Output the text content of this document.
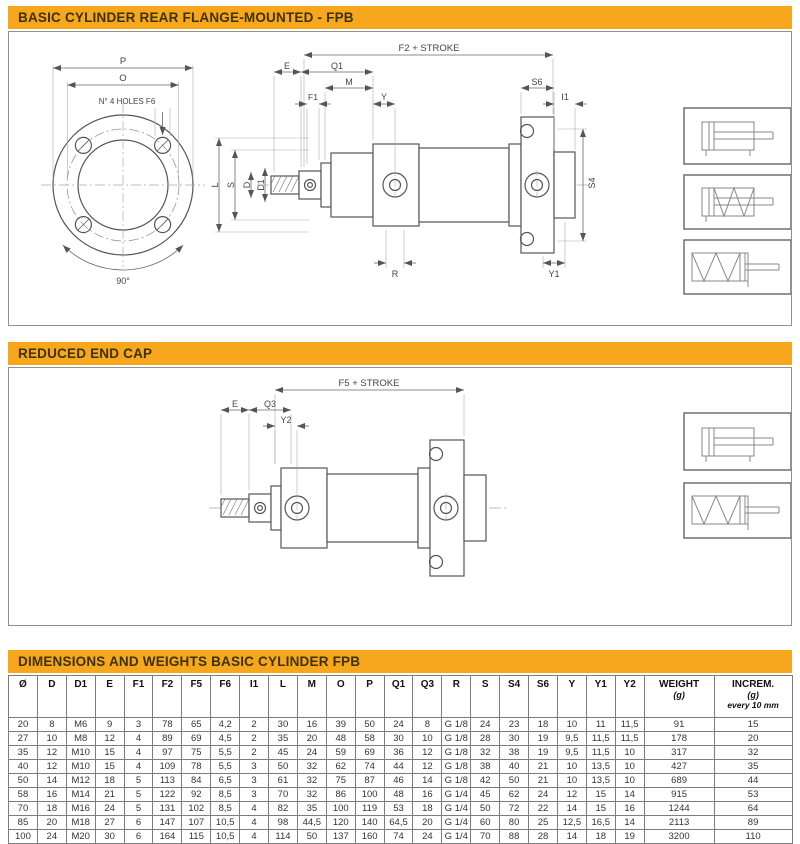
BASIC CYLINDER REAR FLANGE-MOUNTED - FPB
P
O
N° 4 HOLES F6
90°
L S D D1
F2 + STROKE
E	Q1
M
F1	Y
S6
I1
R	Y1
S4
REDUCED END CAP
F5 + STROKE
E	Q3
Y2
DIMENSIONS AND WEIGHTS BASIC CYLINDER FPB
Ø	D	D1	E	F1	F2	F5	F6	I1	L	M	O	P	Q1	Q3	R	S	S4	S6	Y	Y1	Y2	WEIGHT
(g)	INCREM.
(g)
every 10 mm

20	8	M6	9	3	78	65	4,2	2	30	16	39	50	24	8	G 1/8	24	23	18	10	11	11,5	91	15
27	10	M8	12	4	89	69	4,5	2	35	20	48	58	30	10	G 1/8	28	30	19	9,5	11,5	11,5	178	20
35	12	M10	15	4	97	75	5,5	2	45	24	59	69	36	12	G 1/8	32	38	19	9,5	11,5	10	317	32
40	12	M10	15	4	109	78	5,5	3	50	32	62	74	44	12	G 1/8	38	40	21	10	13,5	10	427	35
50	14	M12	18	5	113	84	6,5	3	61	32	75	87	46	14	G 1/8	42	50	21	10	13,5	10	689	44
58	16	M14	21	5	122	92	8,5	3	70	32	86	100	48	16	G 1/4	45	62	24	12	15	14	915	53
70	18	M16	24	5	131	102	8,5	4	82	35	100	119	53	18	G 1/4	50	72	22	14	15	16	1244	64
85	20	M18	27	6	147	107	10,5	4	98	44,5	120	140	64,5	20	G 1/4	60	80	25	12,5	16,5	14	2113	89
100	24	M20	30	6	164	115	10,5	4	114	50	137	160	74	24	G 1/4	70	88	28	14	18	19	3200	110
